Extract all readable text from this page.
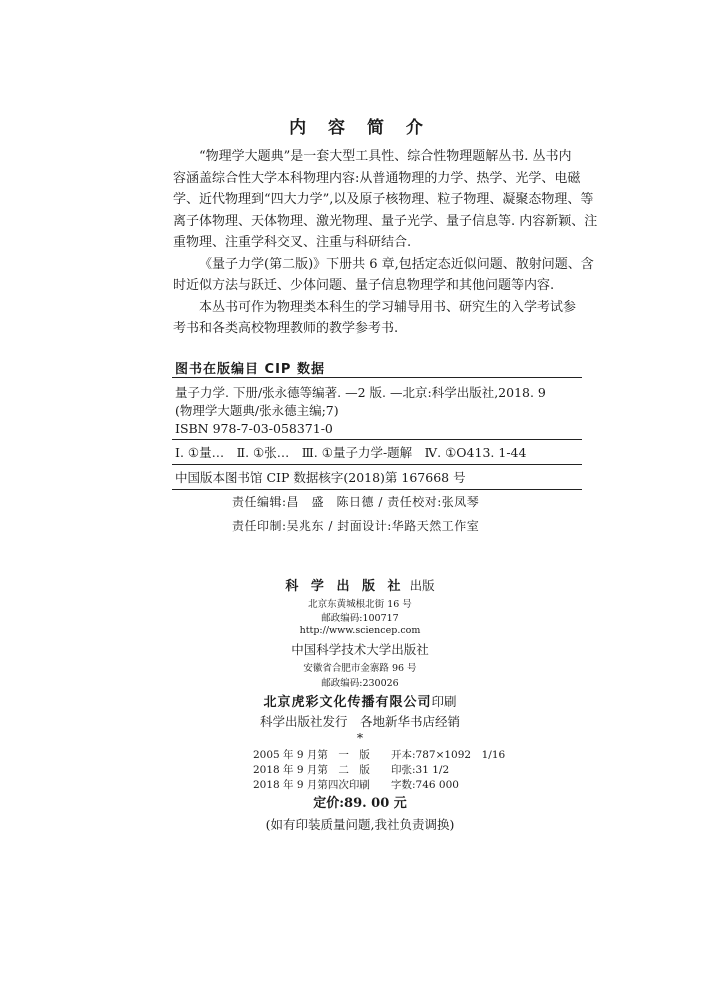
内 容 简 介

“物理学大题典”是一套大型工具性、综合性物理题解丛书. 丛书内
容涵盖综合性大学本科物理内容:从普通物理的力学、热学、光学、电磁
学、近代物理到“四大力学”,以及原子核物理、粒子物理、凝聚态物理、等
离子体物理、天体物理、激光物理、量子光学、量子信息等. 内容新颖、注
重物理、注重学科交叉、注重与科研结合.

《量子力学(第二版)》下册共 6 章,包括定态近似问题、散射问题、含
时近似方法与跃迁、少体问题、量子信息物理学和其他问题等内容.

本丛书可作为物理类本科生的学习辅导用书、研究生的入学考试参
考书和各类高校物理教师的教学参考书.

图书在版编目 CIP 数据
量子力学. 下册/张永德等编著. —2 版. —北京:科学出版社,2018. 9
(物理学大题典/张永德主编;7)
ISBN 978-7-03-058371-0
Ⅰ. ①量…　Ⅱ. ①张…　Ⅲ. ①量子力学-题解　Ⅳ. ①O413. 1-44
中国版本图书馆 CIP 数据核字(2018)第 167668 号
责任编辑:昌　盛　陈日德 / 责任校对:张凤琴
责任印制:吴兆东 / 封面设计:华路天然工作室
科 学 出 版 社 出版
北京东黄城根北街 16 号
邮政编码:100717
http://www.sciencep.com
中国科学技术大学出版社
安徽省合肥市金寨路 96 号
邮政编码:230026
北京虎彩文化传播有限公司印刷
科学出版社发行　各地新华书店经销
*
2005 年 9 月第　一　版 开本:787×1092　1/16
2018 年 9 月第　二　版 印张:31 1/2
2018 年 9 月第四次印刷 字数:746 000
定价:89. 00 元
(如有印装质量问题,我社负责调换)
